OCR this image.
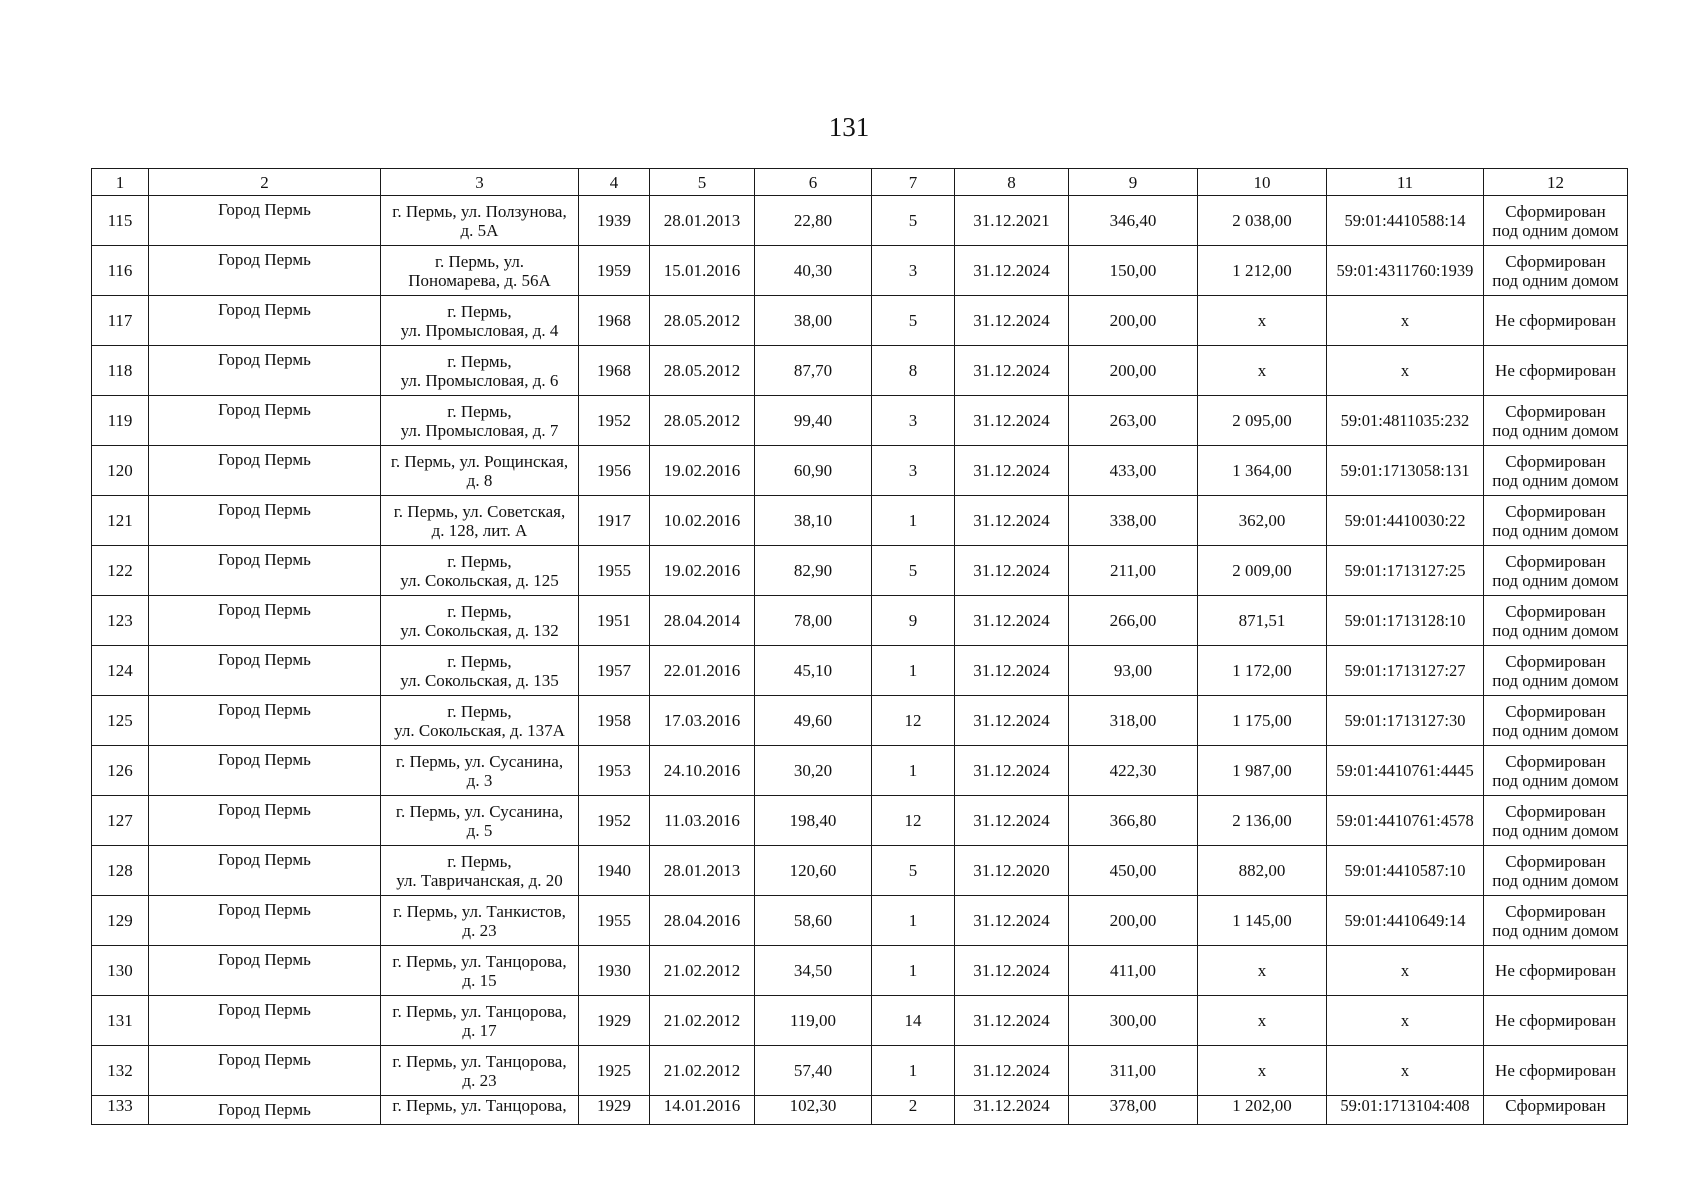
131
1	2	3	4	5	6	7	8	9	10	11	12
115	Город Пермь	г. Пермь, ул. Ползунова,
д. 5А	1939	28.01.2013	22,80	5	31.12.2021	346,40	2 038,00	59:01:4410588:14	Сформирован
под одним домом
116	Город Пермь	г. Пермь, ул.
Пономарева, д. 56А	1959	15.01.2016	40,30	3	31.12.2024	150,00	1 212,00	59:01:4311760:1939	Сформирован
под одним домом
117	Город Пермь	г. Пермь,
ул. Промысловая, д. 4	1968	28.05.2012	38,00	5	31.12.2024	200,00	х	х	Не сформирован
118	Город Пермь	г. Пермь,
ул. Промысловая, д. 6	1968	28.05.2012	87,70	8	31.12.2024	200,00	х	х	Не сформирован
119	Город Пермь	г. Пермь,
ул. Промысловая, д. 7	1952	28.05.2012	99,40	3	31.12.2024	263,00	2 095,00	59:01:4811035:232	Сформирован
под одним домом
120	Город Пермь	г. Пермь, ул. Рощинская,
д. 8	1956	19.02.2016	60,90	3	31.12.2024	433,00	1 364,00	59:01:1713058:131	Сформирован
под одним домом
121	Город Пермь	г. Пермь, ул. Советская,
д. 128, лит. А	1917	10.02.2016	38,10	1	31.12.2024	338,00	362,00	59:01:4410030:22	Сформирован
под одним домом
122	Город Пермь	г. Пермь,
ул. Сокольская, д. 125	1955	19.02.2016	82,90	5	31.12.2024	211,00	2 009,00	59:01:1713127:25	Сформирован
под одним домом
123	Город Пермь	г. Пермь,
ул. Сокольская, д. 132	1951	28.04.2014	78,00	9	31.12.2024	266,00	871,51	59:01:1713128:10	Сформирован
под одним домом
124	Город Пермь	г. Пермь,
ул. Сокольская, д. 135	1957	22.01.2016	45,10	1	31.12.2024	93,00	1 172,00	59:01:1713127:27	Сформирован
под одним домом
125	Город Пермь	г. Пермь,
ул. Сокольская, д. 137А	1958	17.03.2016	49,60	12	31.12.2024	318,00	1 175,00	59:01:1713127:30	Сформирован
под одним домом
126	Город Пермь	г. Пермь, ул. Сусанина,
д. 3	1953	24.10.2016	30,20	1	31.12.2024	422,30	1 987,00	59:01:4410761:4445	Сформирован
под одним домом
127	Город Пермь	г. Пермь, ул. Сусанина,
д. 5	1952	11.03.2016	198,40	12	31.12.2024	366,80	2 136,00	59:01:4410761:4578	Сформирован
под одним домом
128	Город Пермь	г. Пермь,
ул. Тавричанская, д. 20	1940	28.01.2013	120,60	5	31.12.2020	450,00	882,00	59:01:4410587:10	Сформирован
под одним домом
129	Город Пермь	г. Пермь, ул. Танкистов,
д. 23	1955	28.04.2016	58,60	1	31.12.2024	200,00	1 145,00	59:01:4410649:14	Сформирован
под одним домом
130	Город Пермь	г. Пермь, ул. Танцорова,
д. 15	1930	21.02.2012	34,50	1	31.12.2024	411,00	х	х	Не сформирован
131	Город Пермь	г. Пермь, ул. Танцорова,
д. 17	1929	21.02.2012	119,00	14	31.12.2024	300,00	х	х	Не сформирован
132	Город Пермь	г. Пермь, ул. Танцорова,
д. 23	1925	21.02.2012	57,40	1	31.12.2024	311,00	х	х	Не сформирован
133	Город Пермь	г. Пермь, ул. Танцорова,	1929	14.01.2016	102,30	2	31.12.2024	378,00	1 202,00	59:01:1713104:408	Сформирован
